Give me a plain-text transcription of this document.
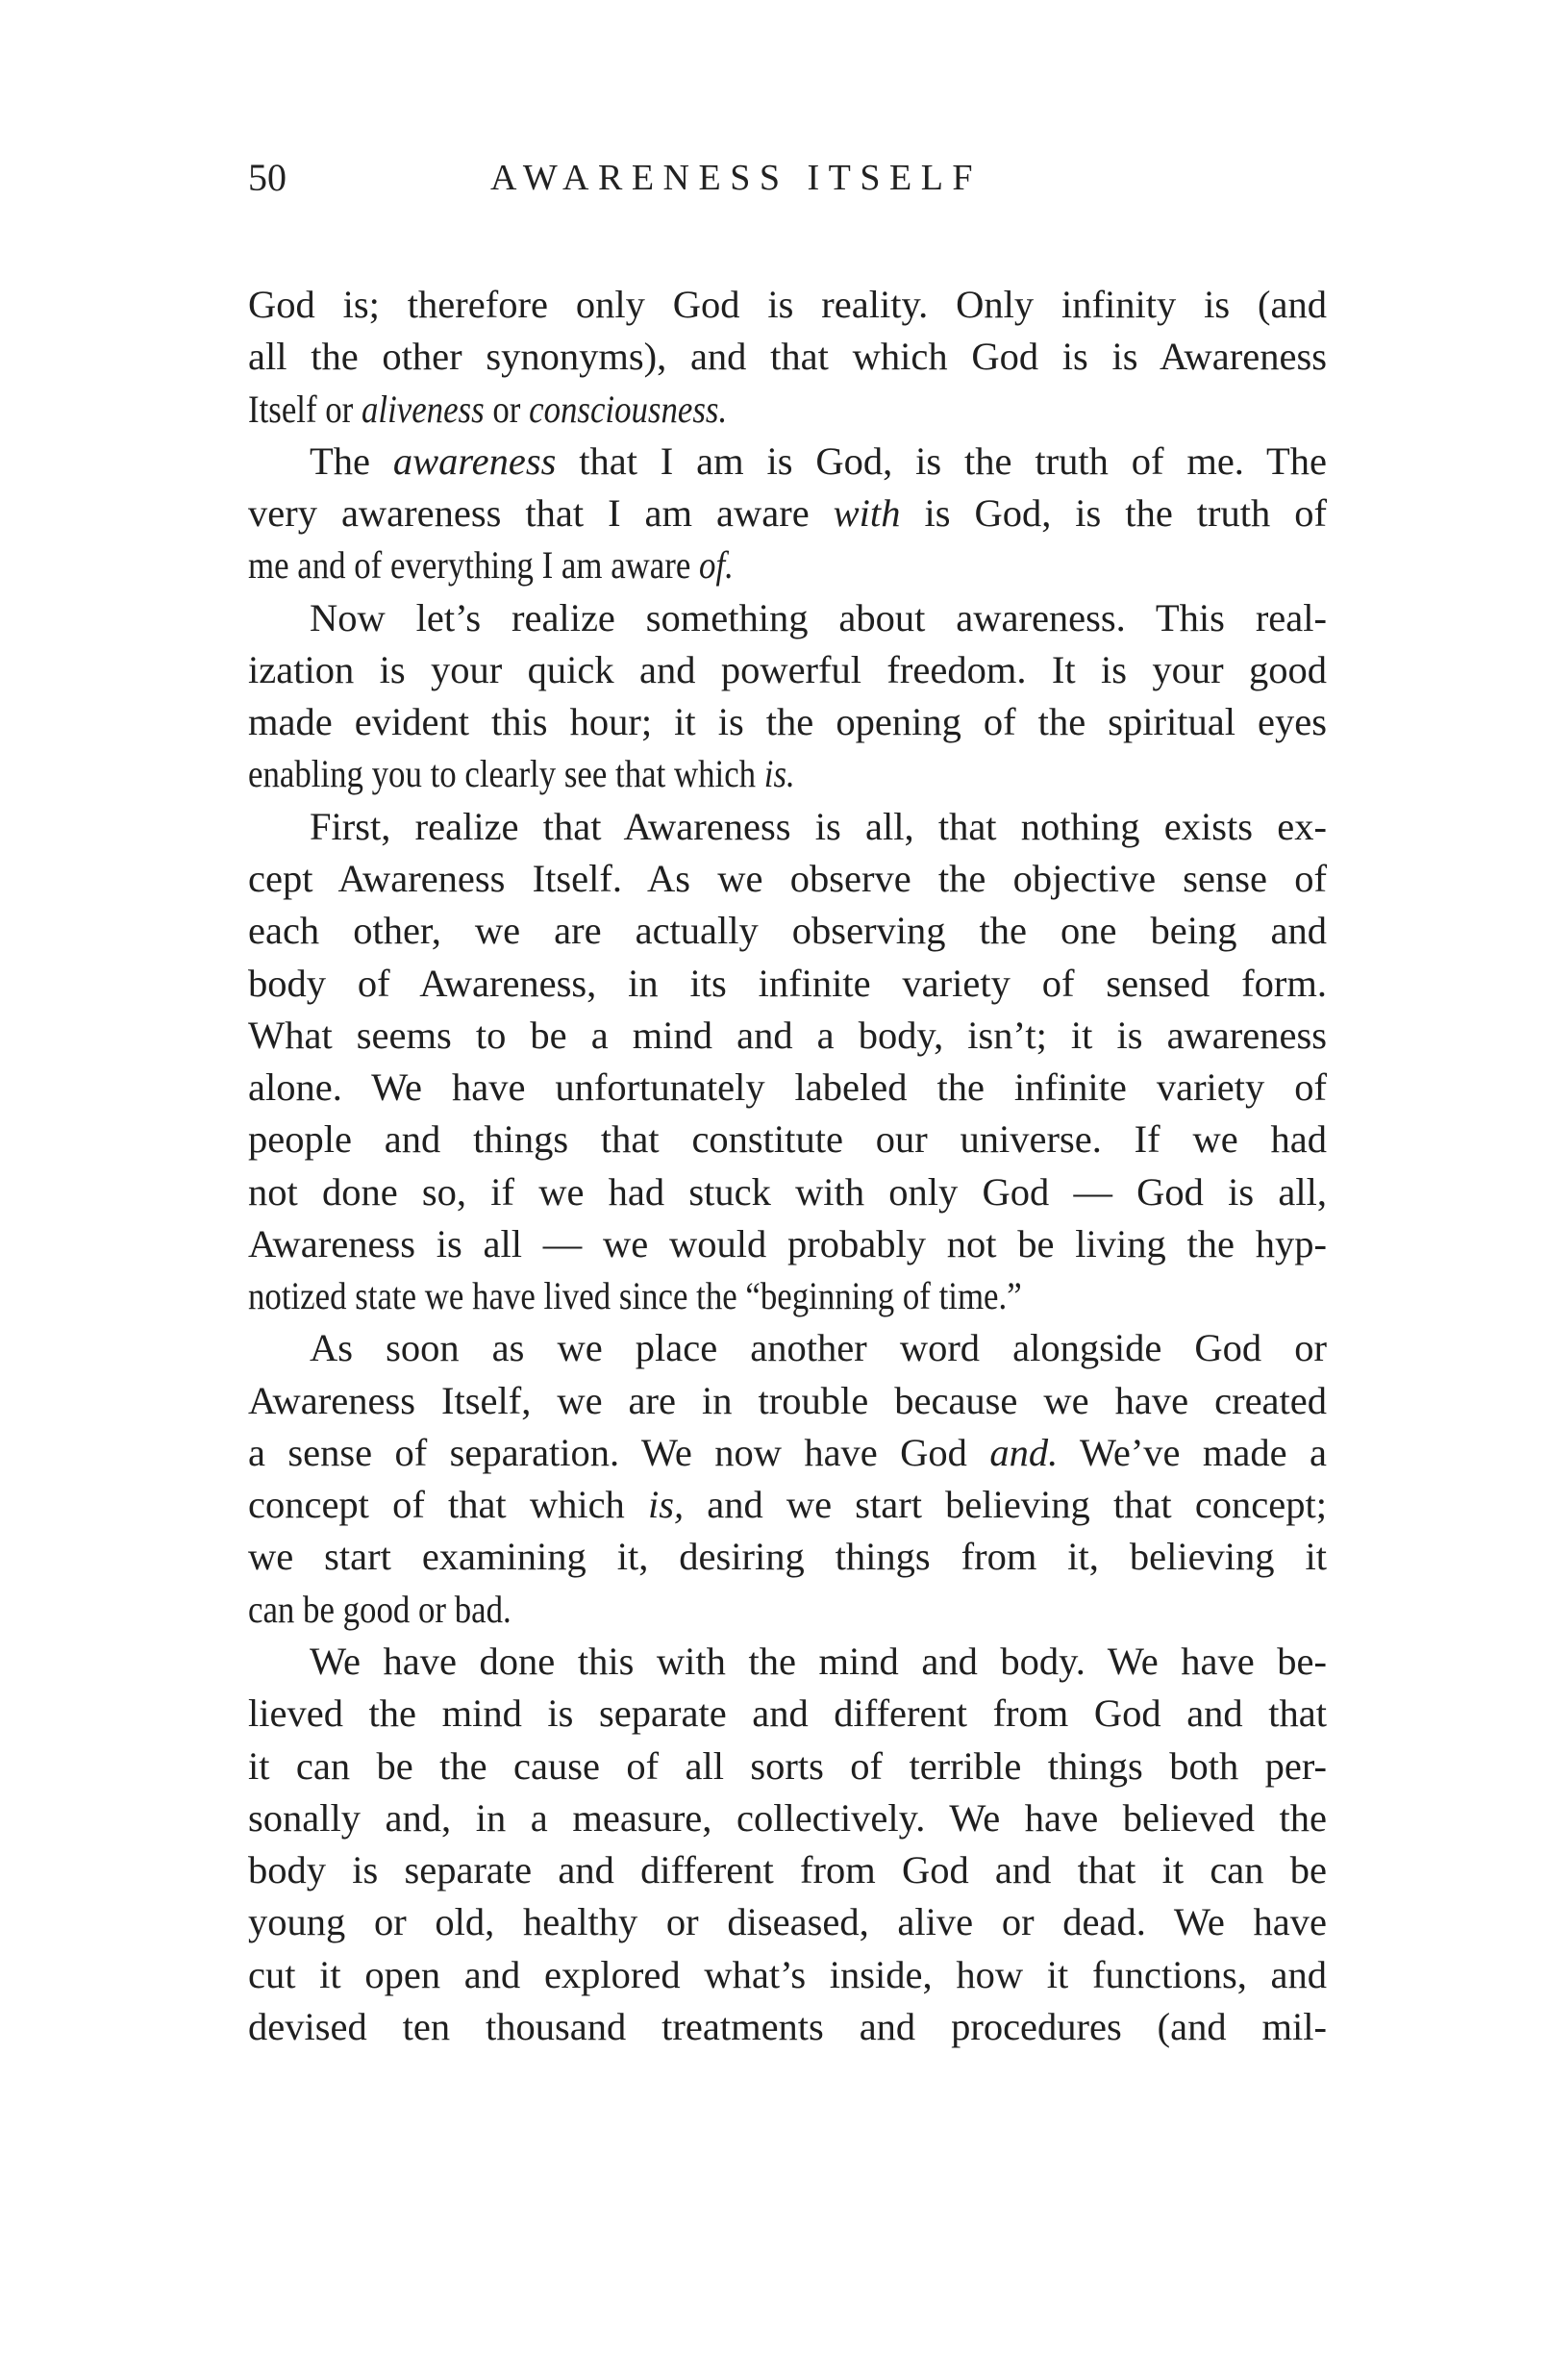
50	AWARENESS ITSELF
God is; therefore only God is reality. Only infinity is (and
all the other synonyms), and that which God is is Awareness
Itself or aliveness or consciousness.
The awareness that I am is God, is the truth of me. The
very awareness that I am aware with is God, is the truth of
me and of everything I am aware of.
Now let’s realize something about awareness. This real-
ization is your quick and powerful freedom. It is your good
made evident this hour; it is the opening of the spiritual eyes
enabling you to clearly see that which is.
First, realize that Awareness is all, that nothing exists ex-
cept Awareness Itself. As we observe the objective sense of
each other, we are actually observing the one being and
body of Awareness, in its infinite variety of sensed form.
What seems to be a mind and a body, isn’t; it is awareness
alone. We have unfortunately labeled the infinite variety of
people and things that constitute our universe. If we had
not done so, if we had stuck with only God — God is all,
Awareness is all — we would probably not be living the hyp-
notized state we have lived since the “beginning of time.”
As soon as we place another word alongside God or
Awareness Itself, we are in trouble because we have created
a sense of separation. We now have God and. We’ve made a
concept of that which is, and we start believing that concept;
we start examining it, desiring things from it, believing it
can be good or bad.
We have done this with the mind and body. We have be-
lieved the mind is separate and different from God and that
it can be the cause of all sorts of terrible things both per-
sonally and, in a measure, collectively. We have believed the
body is separate and different from God and that it can be
young or old, healthy or diseased, alive or dead. We have
cut it open and explored what’s inside, how it functions, and
devised ten thousand treatments and procedures (and mil-
